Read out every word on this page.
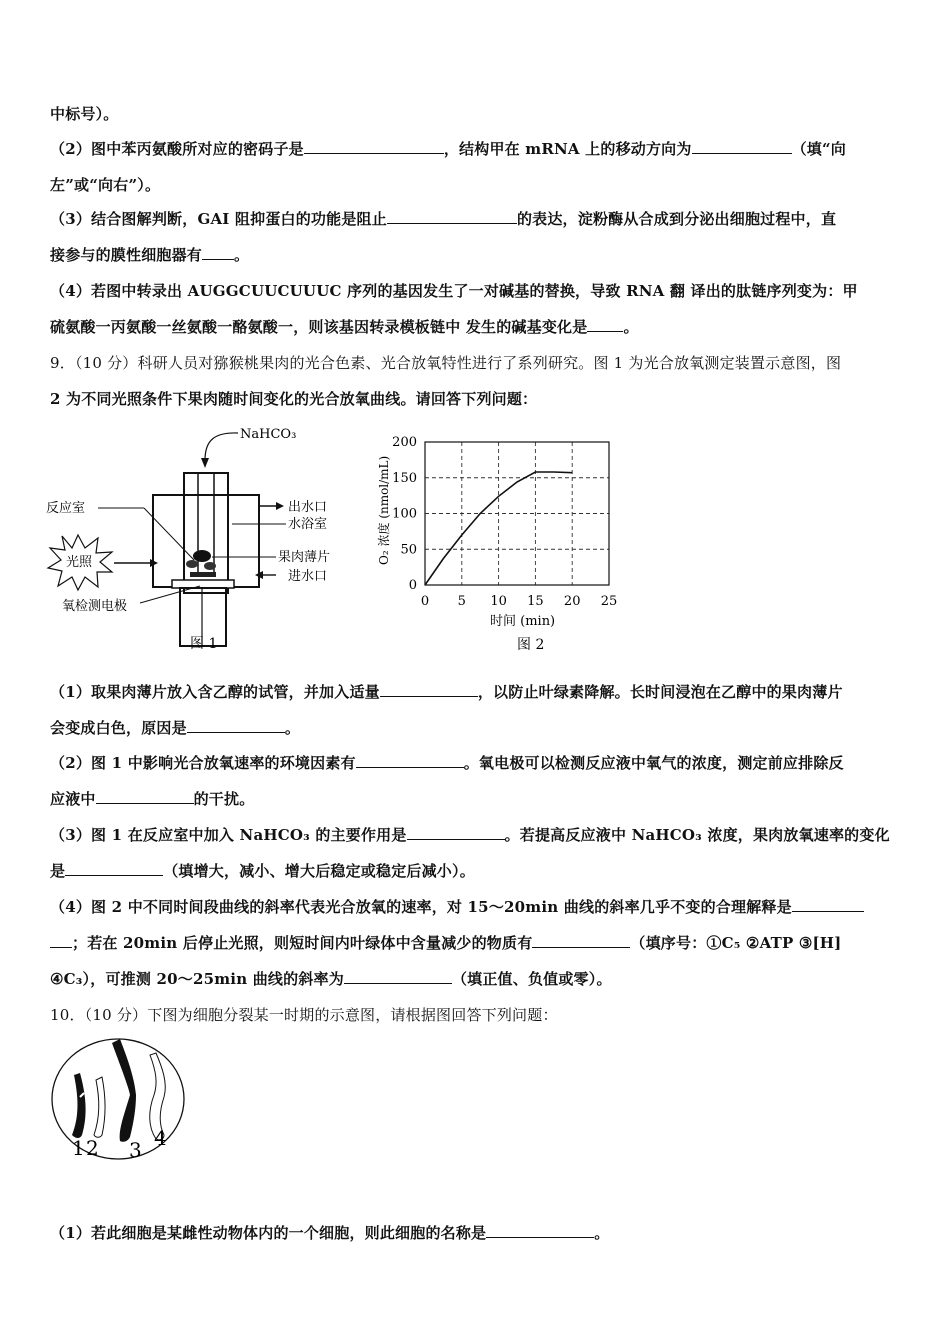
中标号）。
（2）图中苯丙氨酸所对应的密码子是	，结构甲在 mRNA 上的移动方向为	（填“向
左”或“向右”）。
（3）结合图解判断，GAI 阻抑蛋白的功能是阻止	的表达，淀粉酶从合成到分泌出细胞过程中，直
接参与的膜性细胞器有 。
（4）若图中转录出 AUGGCUUCUUUC 序列的基因发生了一对碱基的替换，导致 RNA 翻 译出的肽链序列变为：甲
硫氨酸一丙氨酸一丝氨酸一酪氨酸一，则该基因转录模板链中 发生的碱基变化是 。
9．（10 分）科研人员对猕猴桃果肉的光合色素、光合放氧特性进行了系列研究。图 1 为光合放氧测定装置示意图，图
2 为不同光照条件下果肉随时间变化的光合放氧曲线。请回答下列问题：
NaHCO₃
出水口
水浴室
果肉薄片
进水口
反应室
光照
氧检测电极
图 1
0
50
100
150
200
0 5 10 15 20 25
时间 (min)
O₂ 浓度 (nmol/mL)
图 2
（1）取果肉薄片放入含乙醇的试管，并加入适量	，以防止叶绿素降解。长时间浸泡在乙醇中的果肉薄片
会变成白色，原因是	。
（2）图 1 中影响光合放氧速率的环境因素有	。氧电极可以检测反应液中氧气的浓度，测定前应排除反
应液中	的干扰。
（3）图 1 在反应室中加入 NaHCO₃ 的主要作用是	。若提高反应液中 NaHCO₃ 浓度，果肉放氧速率的变化
是	（填增大，减小、增大后稳定或稳定后减小）。
（4）图 2 中不同时间段曲线的斜率代表光合放氧的速率，对 15～20min 曲线的斜率几乎不变的合理解释是
；若在 20min 后停止光照，则短时间内叶绿体中含量减少的物质有	（填序号：①C₅ ②ATP ③[H]
④C₃），可推测 20～25min 曲线的斜率为	（填正值、负值或零）。
10．（10 分）下图为细胞分裂某一时期的示意图，请根据图回答下列问题：
1 2 3 4
（1）若此细胞是某雌性动物体内的一个细胞，则此细胞的名称是	。
